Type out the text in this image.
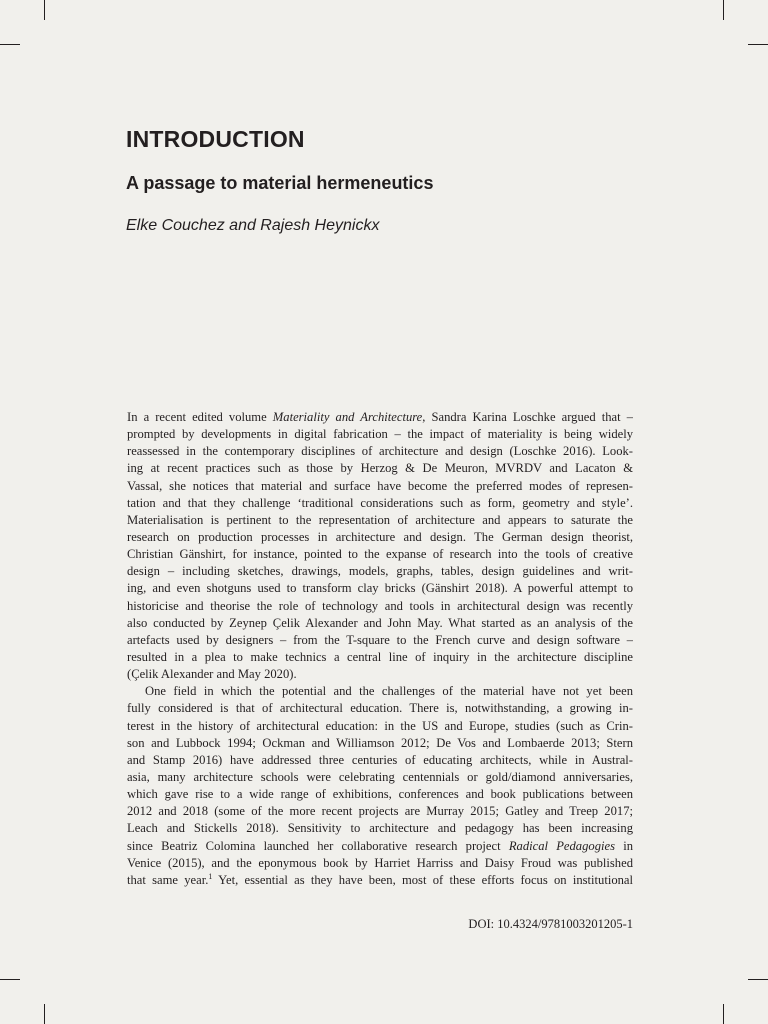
INTRODUCTION
A passage to material hermeneutics

Elke Couchez and Rajesh Heynickx

In a recent edited volume Materiality and Architecture, Sandra Karina Loschke argued that –
prompted by developments in digital fabrication – the impact of materiality is being widely
reassessed in the contemporary disciplines of architecture and design (Loschke 2016). Look-
ing at recent practices such as those by Herzog & De Meuron, MVRDV and Lacaton &
Vassal, she notices that material and surface have become the preferred modes of represen-
tation and that they challenge ‘traditional considerations such as form, geometry and style’.
Materialisation is pertinent to the representation of architecture and appears to saturate the
research on production processes in architecture and design. The German design theorist,
Christian Gänshirt, for instance, pointed to the expanse of research into the tools of creative
design – including sketches, drawings, models, graphs, tables, design guidelines and writ-
ing, and even shotguns used to transform clay bricks (Gänshirt 2018). A powerful attempt to
historicise and theorise the role of technology and tools in architectural design was recently
also conducted by Zeynep Çelik Alexander and John May. What started as an analysis of the
artefacts used by designers – from the T-square to the French curve and design software –
resulted in a plea to make technics a central line of inquiry in the architecture discipline
(Çelik Alexander and May 2020).
One field in which the potential and the challenges of the material have not yet been
fully considered is that of architectural education. There is, notwithstanding, a growing in-
terest in the history of architectural education: in the US and Europe, studies (such as Crin-
son and Lubbock 1994; Ockman and Williamson 2012; De Vos and Lombaerde 2013; Stern
and Stamp 2016) have addressed three centuries of educating architects, while in Austral-
asia, many architecture schools were celebrating centennials or gold/diamond anniversaries,
which gave rise to a wide range of exhibitions, conferences and book publications between
2012 and 2018 (some of the more recent projects are Murray 2015; Gatley and Treep 2017;
Leach and Stickells 2018). Sensitivity to architecture and pedagogy has been increasing
since Beatriz Colomina launched her collaborative research project Radical Pedagogies in
Venice (2015), and the eponymous book by Harriet Harriss and Daisy Froud was published
that same year.$^1$ Yet, essential as they have been, most of these efforts focus on institutional
DOI: 10.4324/9781003201205-1
